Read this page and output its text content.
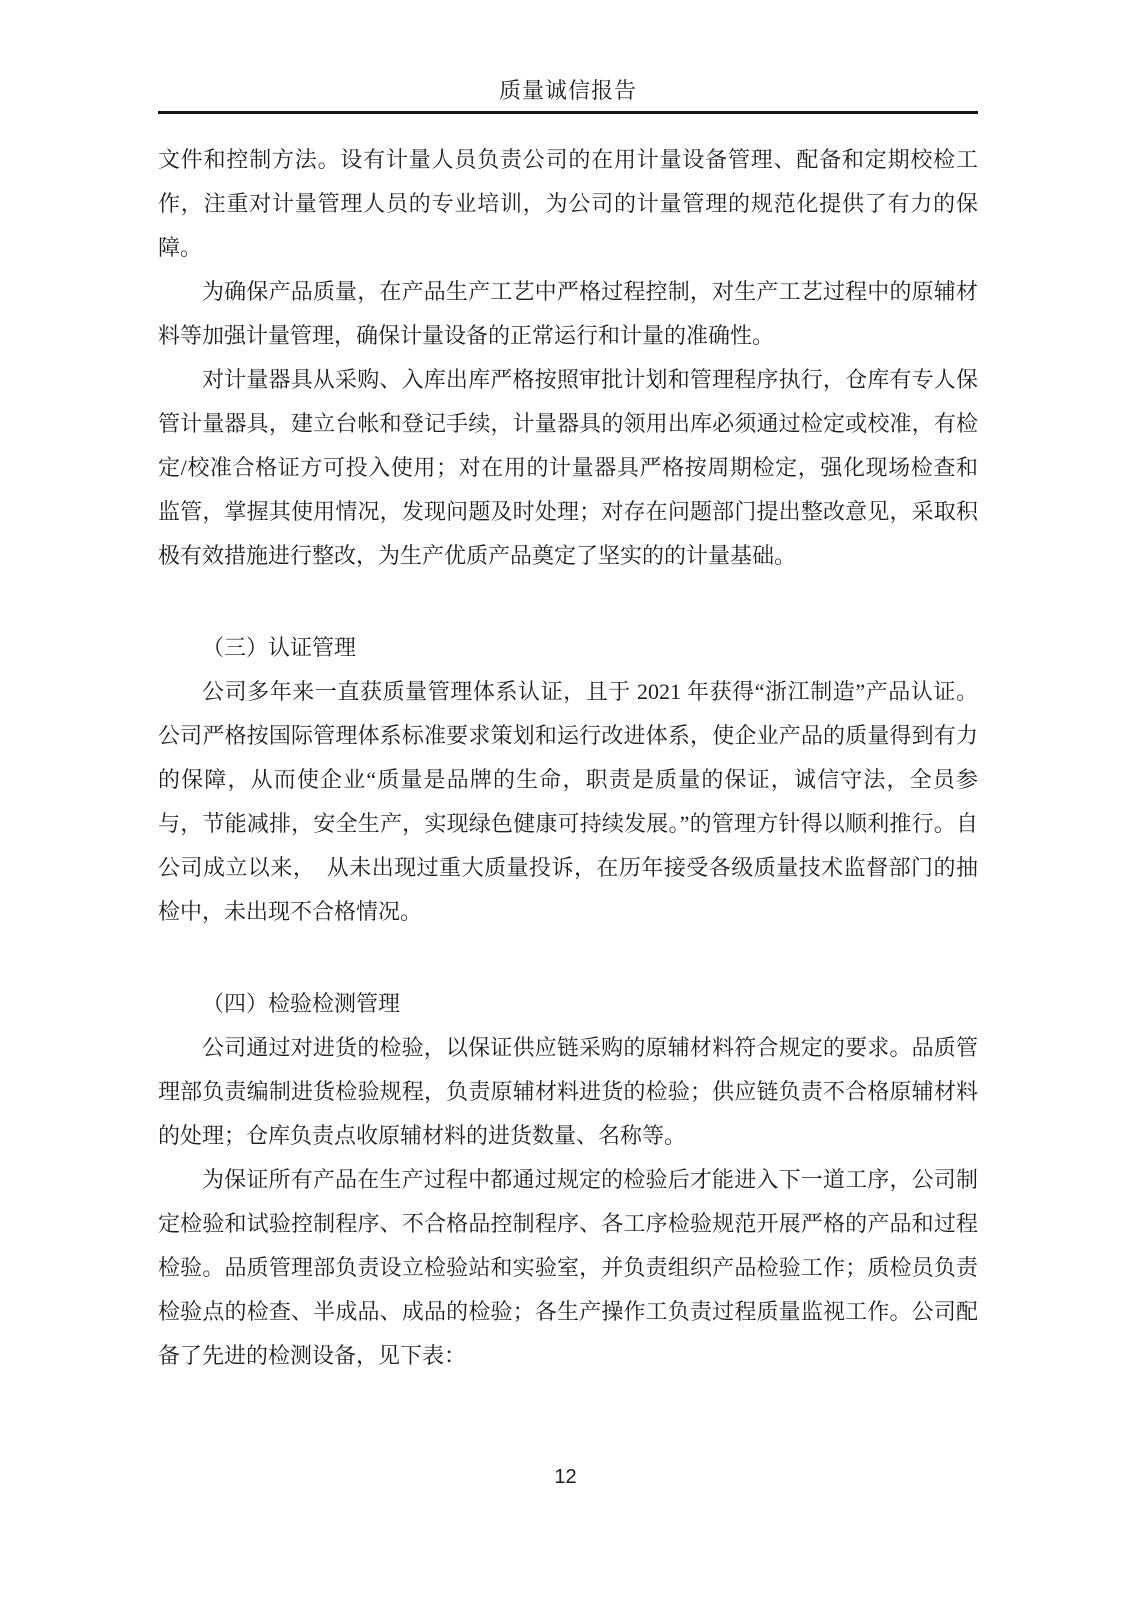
质量诚信报告

文件和控制方法。设有计量人员负责公司的在用计量设备管理、配备和定期校检工作，注重对计量管理人员的专业培训，为公司的计量管理的规范化提供了有力的保障。

为确保产品质量，在产品生产工艺中严格过程控制，对生产工艺过程中的原辅材料等加强计量管理，确保计量设备的正常运行和计量的准确性。

对计量器具从采购、入库出库严格按照审批计划和管理程序执行，仓库有专人保管计量器具，建立台帐和登记手续，计量器具的领用出库必须通过检定或校准，有检定/校准合格证方可投入使用；对在用的计量器具严格按周期检定，强化现场检查和监管，掌握其使用情况，发现问题及时处理；对存在问题部门提出整改意见，采取积极有效措施进行整改，为生产优质产品奠定了坚实的的计量基础。

（三）认证管理

公司多年来一直获质量管理体系认证，且于 2021 年获得“浙江制造”产品认证。公司严格按国际管理体系标准要求策划和运行改进体系，使企业产品的质量得到有力的保障，从而使企业“质量是品牌的生命，职责是质量的保证，诚信守法，全员参与，节能减排，安全生产，实现绿色健康可持续发展。”的管理方针得以顺利推行。自公司成立以来，　从未出现过重大质量投诉，在历年接受各级质量技术监督部门的抽检中，未出现不合格情况。

（四）检验检测管理

公司通过对进货的检验，以保证供应链采购的原辅材料符合规定的要求。品质管理部负责编制进货检验规程，负责原辅材料进货的检验；供应链负责不合格原辅材料的处理；仓库负责点收原辅材料的进货数量、名称等。

为保证所有产品在生产过程中都通过规定的检验后才能进入下一道工序，公司制定检验和试验控制程序、不合格品控制程序、各工序检验规范开展严格的产品和过程检验。品质管理部负责设立检验站和实验室，并负责组织产品检验工作；质检员负责检验点的检查、半成品、成品的检验；各生产操作工负责过程质量监视工作。公司配备了先进的检测设备，见下表：

12
